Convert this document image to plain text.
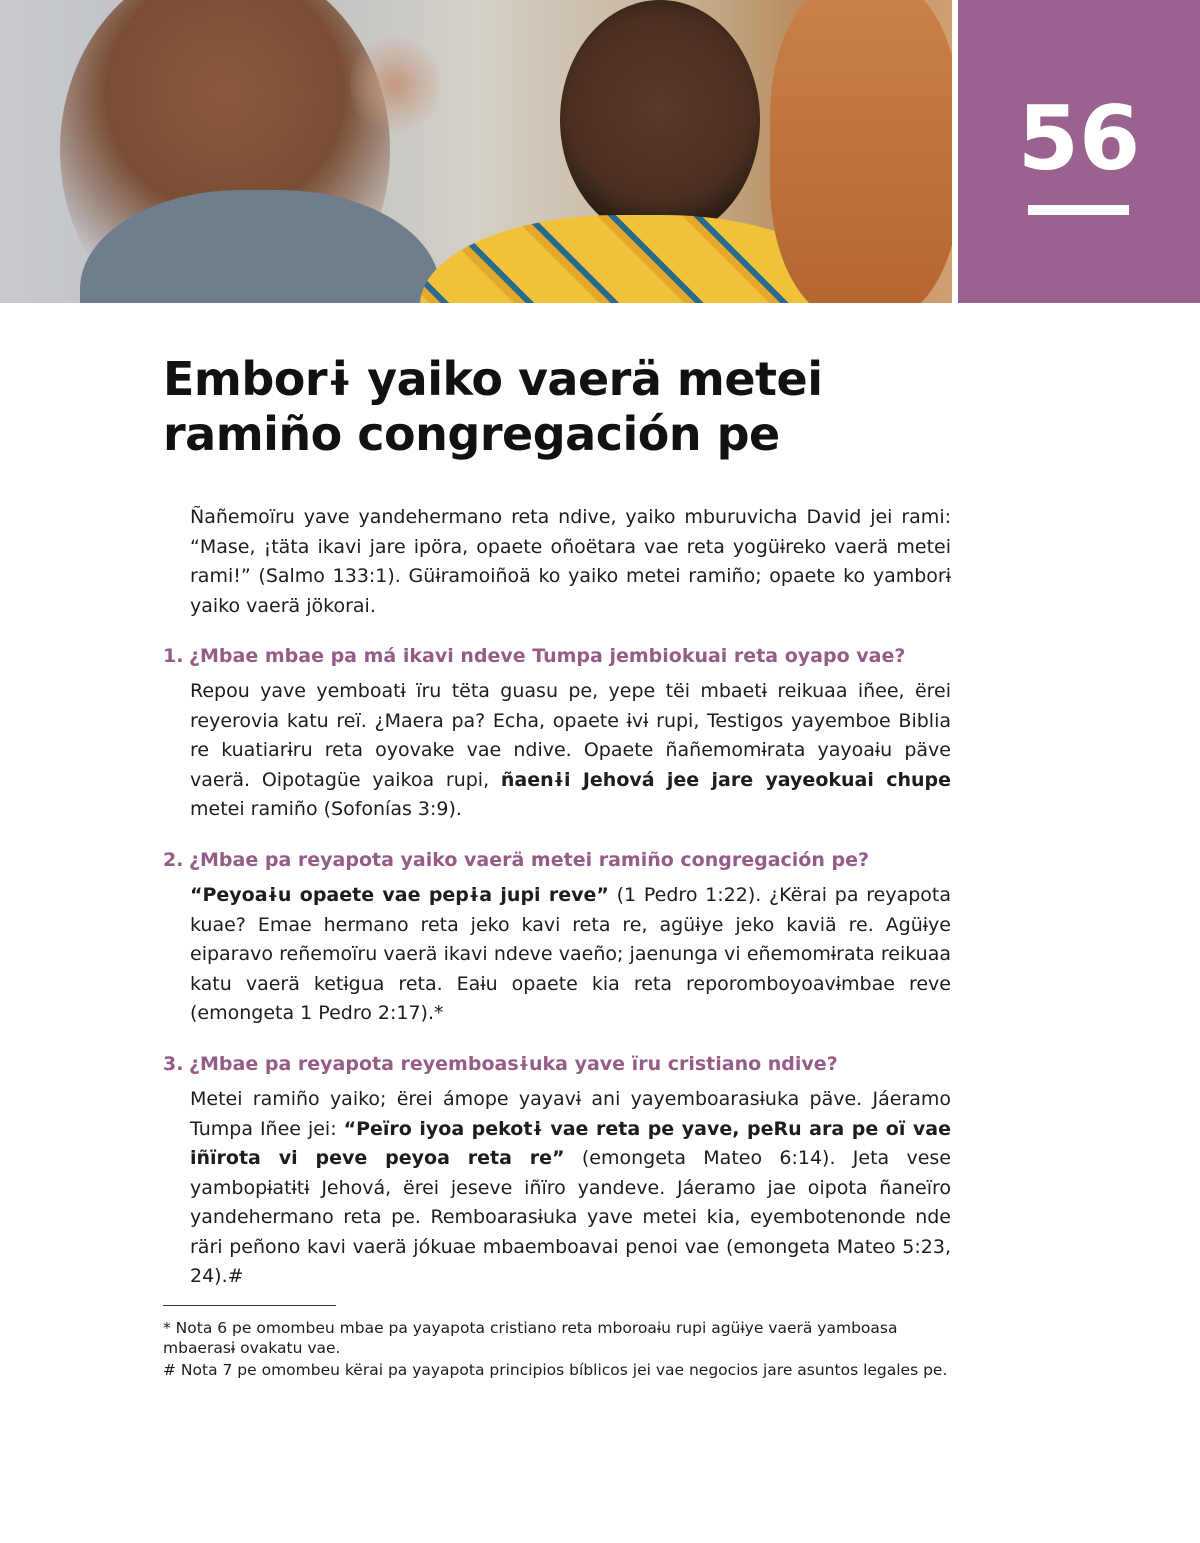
56
Emborɨ yaiko vaerä metei
ramiño congregación pe

Ñañemoïru yave yandehermano reta ndive, yaiko mburuvicha David jei rami: “Mase, ¡täta ikavi jare ipöra, opaete oñoëtara vae reta yogüɨreko vaerä metei rami!” (Salmo 133:1). Güɨramoiñoä ko yaiko metei ramiño; opaete ko yamborɨ yaiko vaerä jökorai.

1. ¿Mbae mbae pa má ikavi ndeve Tumpa jembiokuai reta oyapo vae?

Repou yave yemboatɨ ïru tëta guasu pe, yepe tëi mbaetɨ reikuaa iñee, ërei reyerovia katu reï. ¿Maera pa? Echa, opaete ɨvɨ rupi, Testigos yayemboe Biblia re kuatiarɨru reta oyovake vae ndive. Opaete ñañemomɨrata yayoaɨu päve vaerä. Oipotagüe yaikoa rupi, ñaenɨi Jehová jee jare yayeokuai chupe metei ramiño (Sofonías 3:9).

2. ¿Mbae pa reyapota yaiko vaerä metei ramiño congregación pe?

“Peyoaɨu opaete vae pepɨa jupi reve” (1 Pedro 1:22). ¿Kërai pa reyapota kuae? Emae hermano reta jeko kavi reta re, agüɨye jeko kaviä re. Agüɨye eiparavo reñemoïru vaerä ikavi ndeve vaeño; jaenunga vi eñemomɨrata reikuaa katu vaerä ketɨgua reta. Eaɨu opaete kia reta reporomboyoavɨmbae reve (emongeta 1 Pedro 2:17).*

3. ¿Mbae pa reyapota reyemboasɨuka yave ïru cristiano ndive?

Metei ramiño yaiko; ërei ámope yayavɨ ani yayemboarasɨuka päve. Jáeramo Tumpa Iñee jei: “Peïro iyoa pekotɨ vae reta pe yave, peRu ara pe oï vae iñïrota vi peve peyoa reta re” (emongeta Mateo 6:14). Jeta vese yambopɨatɨtɨ Jehová, ërei jeseve iñïro yandeve. Jáeramo jae oipota ñaneïro yandehermano reta pe. Remboarasɨuka yave metei kia, eyembotenonde nde räri peñono kavi vaerä jókuae mbaemboavai penoi vae (emongeta Mateo 5:23, 24).#

* Nota 6 pe omombeu mbae pa yayapota cristiano reta mboroaɨu rupi agüɨye vaerä yamboasa mbaerasɨ ovakatu vae.

# Nota 7 pe omombeu kërai pa yayapota principios bíblicos jei vae negocios jare asuntos legales pe.
